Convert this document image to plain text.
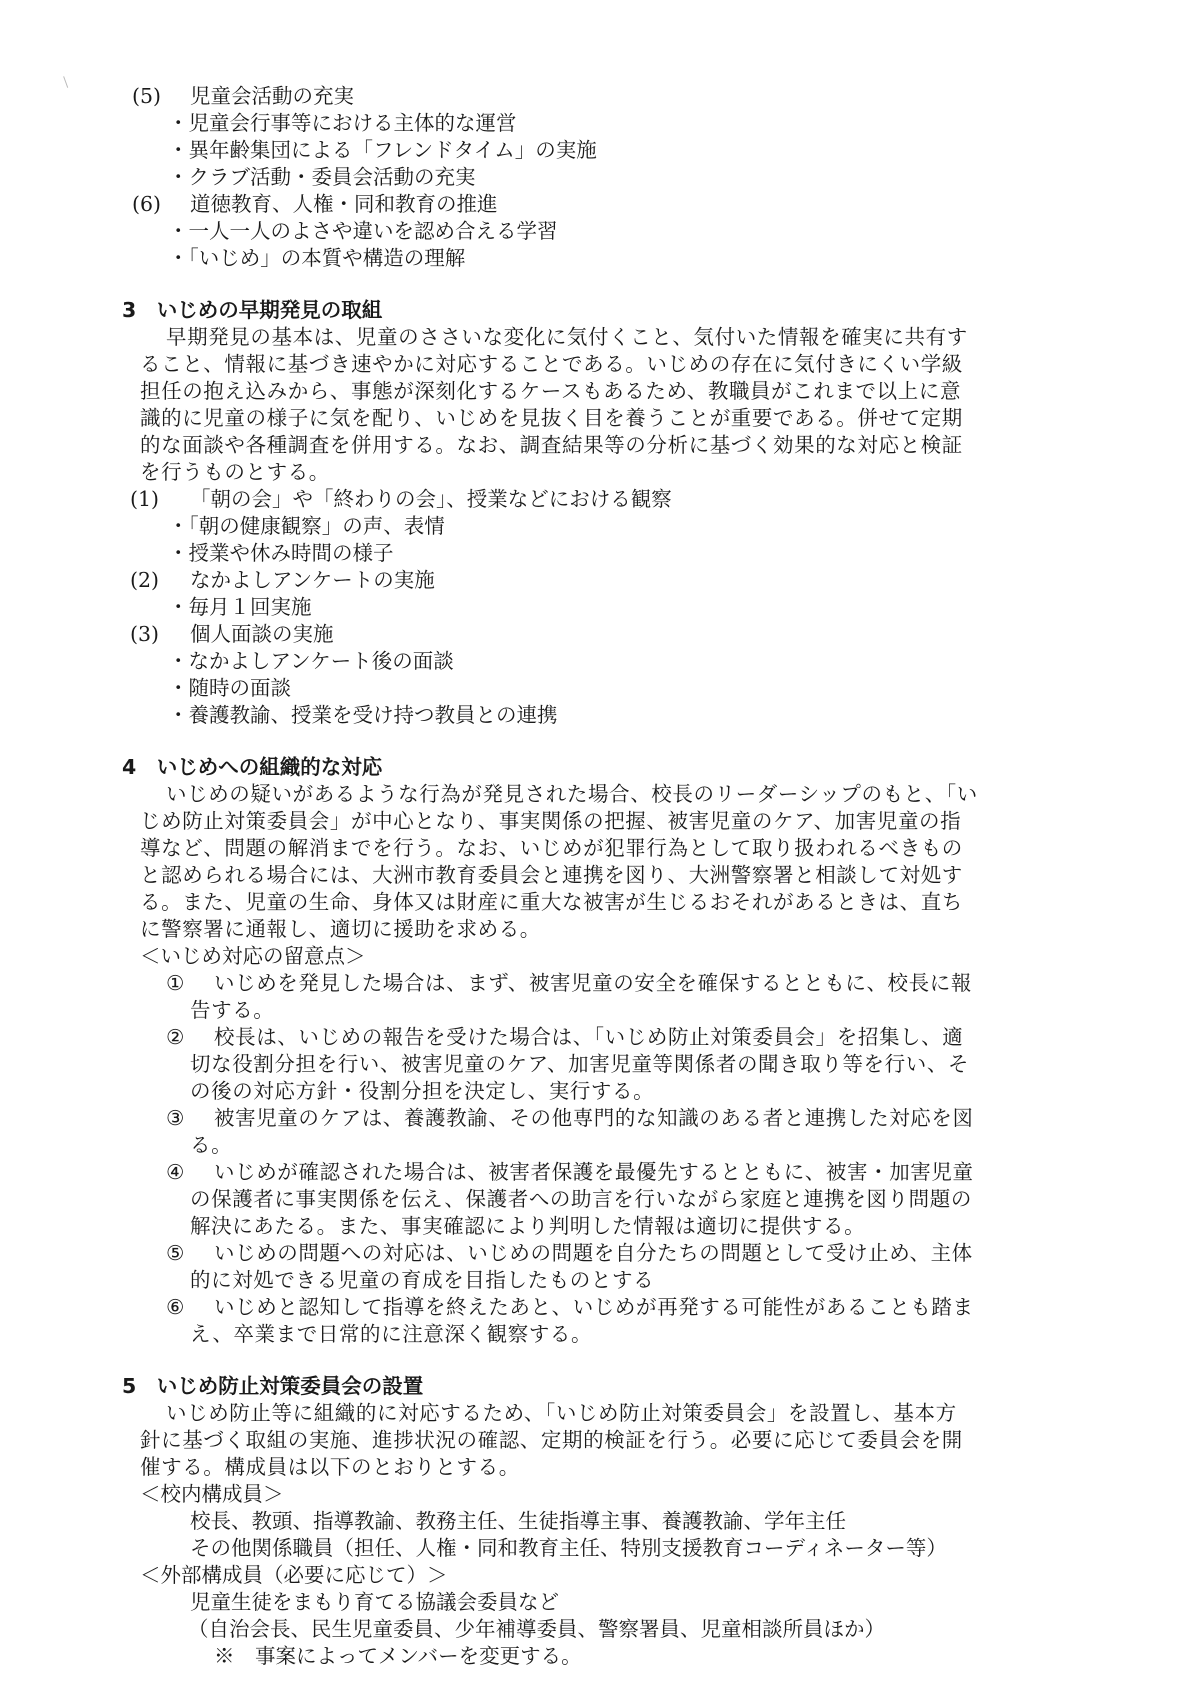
(5) 児童会活動の充実
・児童会行事等における主体的な運営
・異年齢集団による「フレンドタイム」の実施
・クラブ活動・委員会活動の充実
(6) 道徳教育、人権・同和教育の推進
・一人一人のよさや違いを認め合える学習
・「いじめ」の本質や構造の理解
3　いじめの早期発見の取組
早期発見の基本は、児童のささいな変化に気付くこと、気付いた情報を確実に共有す
ること、情報に基づき速やかに対応することである。いじめの存在に気付きにくい学級
担任の抱え込みから、事態が深刻化するケースもあるため、教職員がこれまで以上に意
識的に児童の様子に気を配り、いじめを見抜く目を養うことが重要である。併せて定期
的な面談や各種調査を併用する。なお、調査結果等の分析に基づく効果的な対応と検証
を行うものとする。
(1) 「朝の会」や「終わりの会」、授業などにおける観察
・「朝の健康観察」の声、表情
・授業や休み時間の様子
(2) なかよしアンケートの実施
・毎月１回実施
(3) 個人面談の実施
・なかよしアンケート後の面談
・随時の面談
・養護教諭、授業を受け持つ教員との連携
4　いじめへの組織的な対応
いじめの疑いがあるような行為が発見された場合、校長のリーダーシップのもと、「い
じめ防止対策委員会」が中心となり、事実関係の把握、被害児童のケア、加害児童の指
導など、問題の解消までを行う。なお、いじめが犯罪行為として取り扱われるべきもの
と認められる場合には、大洲市教育委員会と連携を図り、大洲警察署と相談して対処す
る。また、児童の生命、身体又は財産に重大な被害が生じるおそれがあるときは、直ち
に警察署に通報し、適切に援助を求める。
＜いじめ対応の留意点＞
① いじめを発見した場合は、まず、被害児童の安全を確保するとともに、校長に報
告する。
② 校長は、いじめの報告を受けた場合は、「いじめ防止対策委員会」を招集し、適
切な役割分担を行い、被害児童のケア、加害児童等関係者の聞き取り等を行い、そ
の後の対応方針・役割分担を決定し、実行する。
③ 被害児童のケアは、養護教諭、その他専門的な知識のある者と連携した対応を図
る。
④ いじめが確認された場合は、被害者保護を最優先するとともに、被害・加害児童
の保護者に事実関係を伝え、保護者への助言を行いながら家庭と連携を図り問題の
解決にあたる。また、事実確認により判明した情報は適切に提供する。
⑤ いじめの問題への対応は、いじめの問題を自分たちの問題として受け止め、主体
的に対処できる児童の育成を目指したものとする
⑥ いじめと認知して指導を終えたあと、いじめが再発する可能性があることも踏ま
え、卒業まで日常的に注意深く観察する。
5　いじめ防止対策委員会の設置
いじめ防止等に組織的に対応するため、「いじめ防止対策委員会」を設置し、基本方
針に基づく取組の実施、進捗状況の確認、定期的検証を行う。必要に応じて委員会を開
催する。構成員は以下のとおりとする。
＜校内構成員＞
校長、教頭、指導教諭、教務主任、生徒指導主事、養護教諭、学年主任
その他関係職員（担任、人権・同和教育主任、特別支援教育コーディネーター等）
＜外部構成員（必要に応じて）＞
児童生徒をまもり育てる協議会委員など
（自治会長、民生児童委員、少年補導委員、警察署員、児童相談所員ほか）
※　事案によってメンバーを変更する。
